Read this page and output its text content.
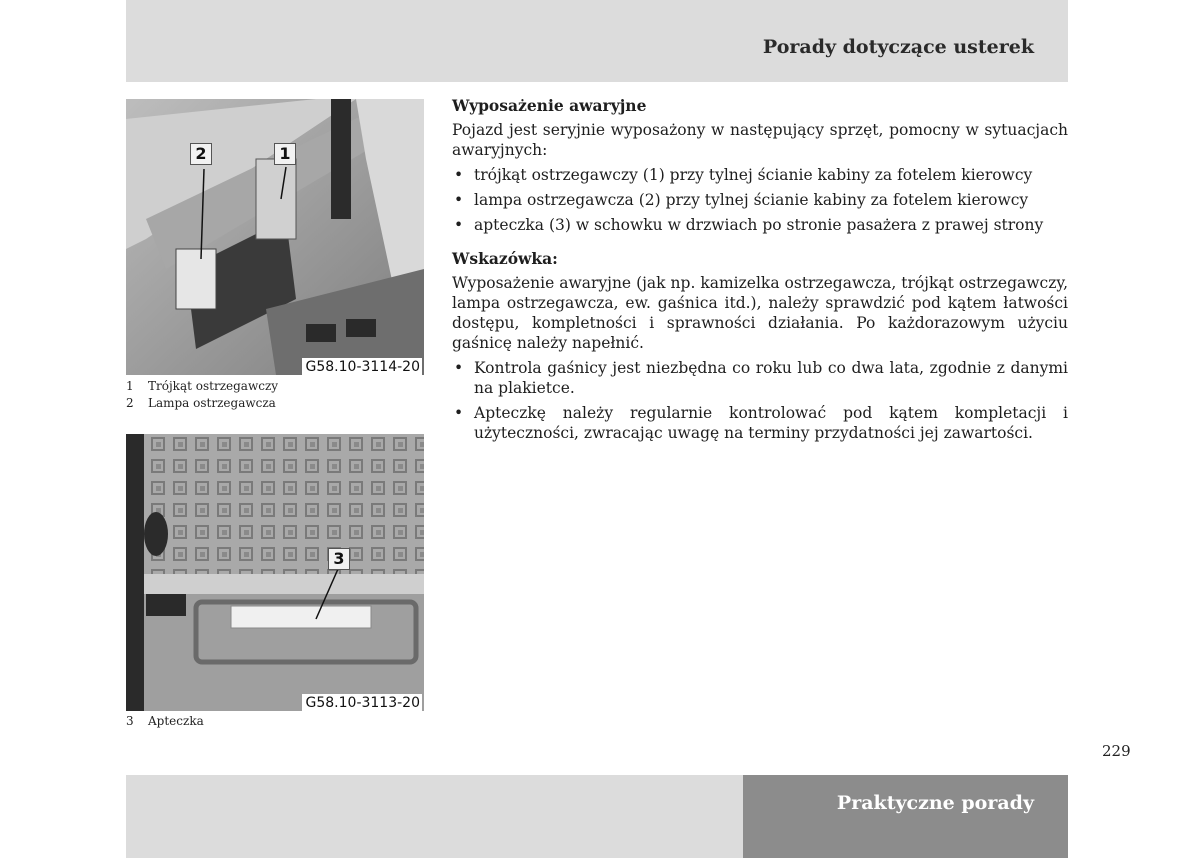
Porady dotyczące usterek
2	1
G58.10-3114-20
1 Trójkąt ostrzegawczy
2 Lampa ostrzegawcza
3
G58.10-3113-20
3 Apteczka
Wyposażenie awaryjne

Pojazd jest seryjnie wyposażony w następujący sprzęt, pomocny w sytuacjach awaryjnych:

• trójkąt ostrzegawczy (1) przy tylnej ścianie kabiny za fotelem kierowcy
• lampa ostrzegawcza (2) przy tylnej ścianie kabiny za fotelem kierowcy
• apteczka (3) w schowku w drzwiach po stronie pasażera z prawej strony
Wskazówka:

Wyposażenie awaryjne (jak np. kamizelka ostrzegawcza, trójkąt ostrzegawczy, lampa ostrzegawcza, ew. gaśnica itd.), należy sprawdzić pod kątem łatwości dostępu, kompletności i sprawności działania. Po każdorazowym użyciu gaśnicę należy napełnić.

• Kontrola gaśnicy jest niezbędna co roku lub co dwa lata, zgodnie z danymi na plakietce.
• Apteczkę należy regularnie kontrolować pod kątem kompletacji i użyteczności, zwracając uwagę na terminy przydatności jej zawartości.
229
Praktyczne porady
